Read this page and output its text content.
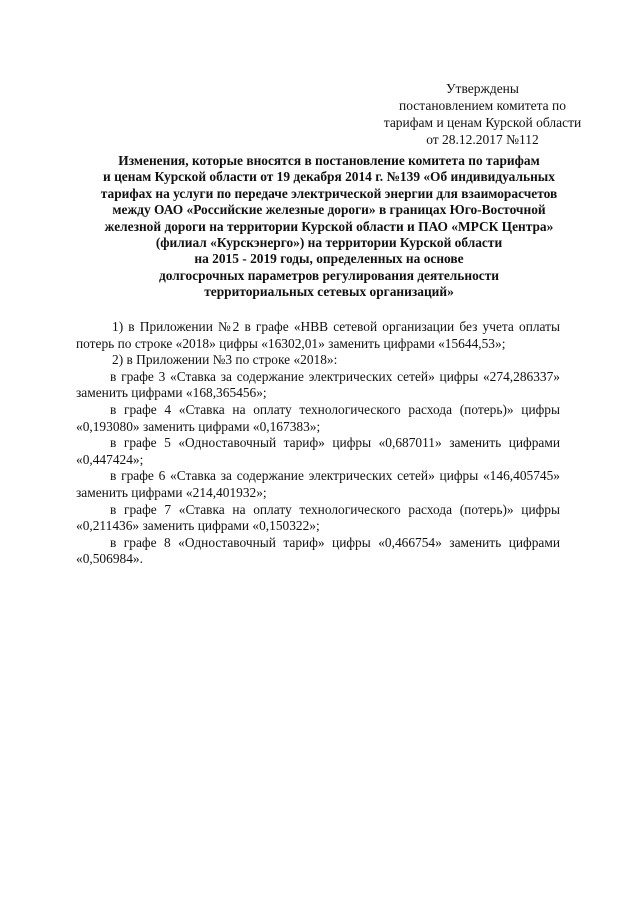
Утверждены
постановлением комитета по
тарифам и ценам Курской области
от 28.12.2017 №112
Изменения, которые вносятся в постановление комитета по тарифам
и ценам Курской области от 19 декабря 2014 г. №139 «Об индивидуальных
тарифах на услуги по передаче электрической энергии для взаиморасчетов
между ОАО «Российские железные дороги» в границах Юго-Восточной
железной дороги на территории Курской области и ПАО «МРСК Центра»
(филиал «Курскэнерго») на территории Курской области
на 2015 - 2019 годы, определенных на основе
долгосрочных параметров регулирования деятельности
территориальных сетевых организаций»
1) в Приложении №2 в графе «НВВ сетевой организации без учета оплаты потерь по строке «2018» цифры «16302,01» заменить цифрами «15644,53»;
2) в Приложении №3 по строке «2018»:
в графе 3 «Ставка за содержание электрических сетей» цифры «274,286337» заменить цифрами «168,365456»;
в графе 4 «Ставка на оплату технологического расхода (потерь)» цифры «0,193080» заменить цифрами «0,167383»;
в графе 5 «Одноставочный тариф» цифры «0,687011» заменить цифрами «0,447424»;
в графе 6 «Ставка за содержание электрических сетей» цифры «146,405745» заменить цифрами «214,401932»;
в графе 7 «Ставка на оплату технологического расхода (потерь)» цифры «0,211436» заменить цифрами «0,150322»;
в графе 8 «Одноставочный тариф» цифры «0,466754» заменить цифрами «0,506984».
